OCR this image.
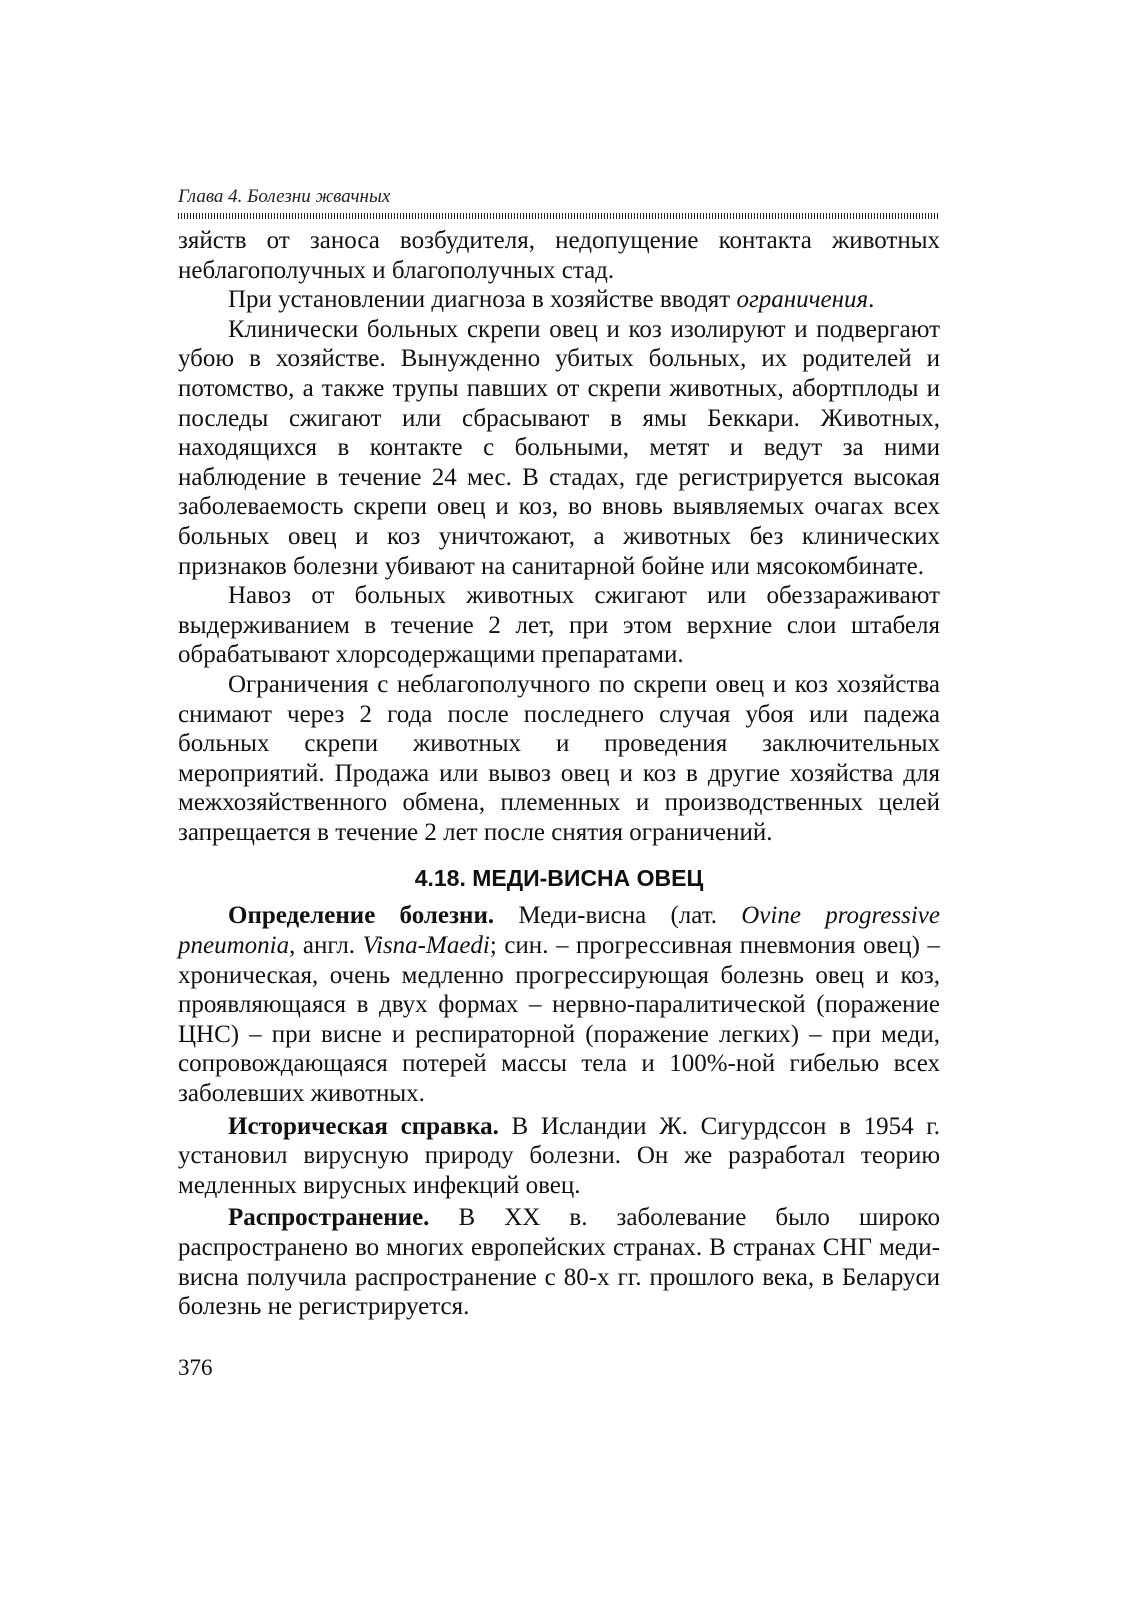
Глава 4. Болезни жвачных

зяйств от заноса возбудителя, недопущение контакта животных неблагополучных и благополучных стад.

При установлении диагноза в хозяйстве вводят ограничения.

Клинически больных скрепи овец и коз изолируют и подвергают убою в хозяйстве. Вынужденно убитых больных, их родителей и потомство, а также трупы павших от скрепи животных, абортплоды и последы сжигают или сбрасывают в ямы Беккари. Животных, находящихся в контакте с больными, метят и ведут за ними наблюдение в течение 24 мес. В стадах, где регистрируется высокая заболеваемость скрепи овец и коз, во вновь выявляемых очагах всех больных овец и коз уничтожают, а животных без клинических признаков болезни убивают на санитарной бойне или мясокомбинате.

Навоз от больных животных сжигают или обеззараживают выдерживанием в течение 2 лет, при этом верхние слои штабеля обрабатывают хлорсодержащими препаратами.

Ограничения с неблагополучного по скрепи овец и коз хозяйства снимают через 2 года после последнего случая убоя или падежа больных скрепи животных и проведения заключительных мероприятий. Продажа или вывоз овец и коз в другие хозяйства для межхозяйственного обмена, племенных и производственных целей запрещается в течение 2 лет после снятия ограничений.

4.18. МЕДИ-ВИСНА ОВЕЦ

Определение болезни. Меди-висна (лат. Ovine progressive pneumonia, англ. Visna-Maedi; син. – прогрессивная пневмония овец) – хроническая, очень медленно прогрессирующая болезнь овец и коз, проявляющаяся в двух формах – нервно-паралитической (поражение ЦНС) – при висне и респираторной (поражение легких) – при меди, сопровождающаяся потерей массы тела и 100%-ной гибелью всех заболевших животных.

Историческая справка. В Исландии Ж. Сигурдссон в 1954 г. установил вирусную природу болезни. Он же разработал теорию медленных вирусных инфекций овец.

Распространение. В XX в. заболевание было широко распространено во многих европейских странах. В странах СНГ меди-висна получила распространение с 80-х гг. прошлого века, в Беларуси болезнь не регистрируется.

376
